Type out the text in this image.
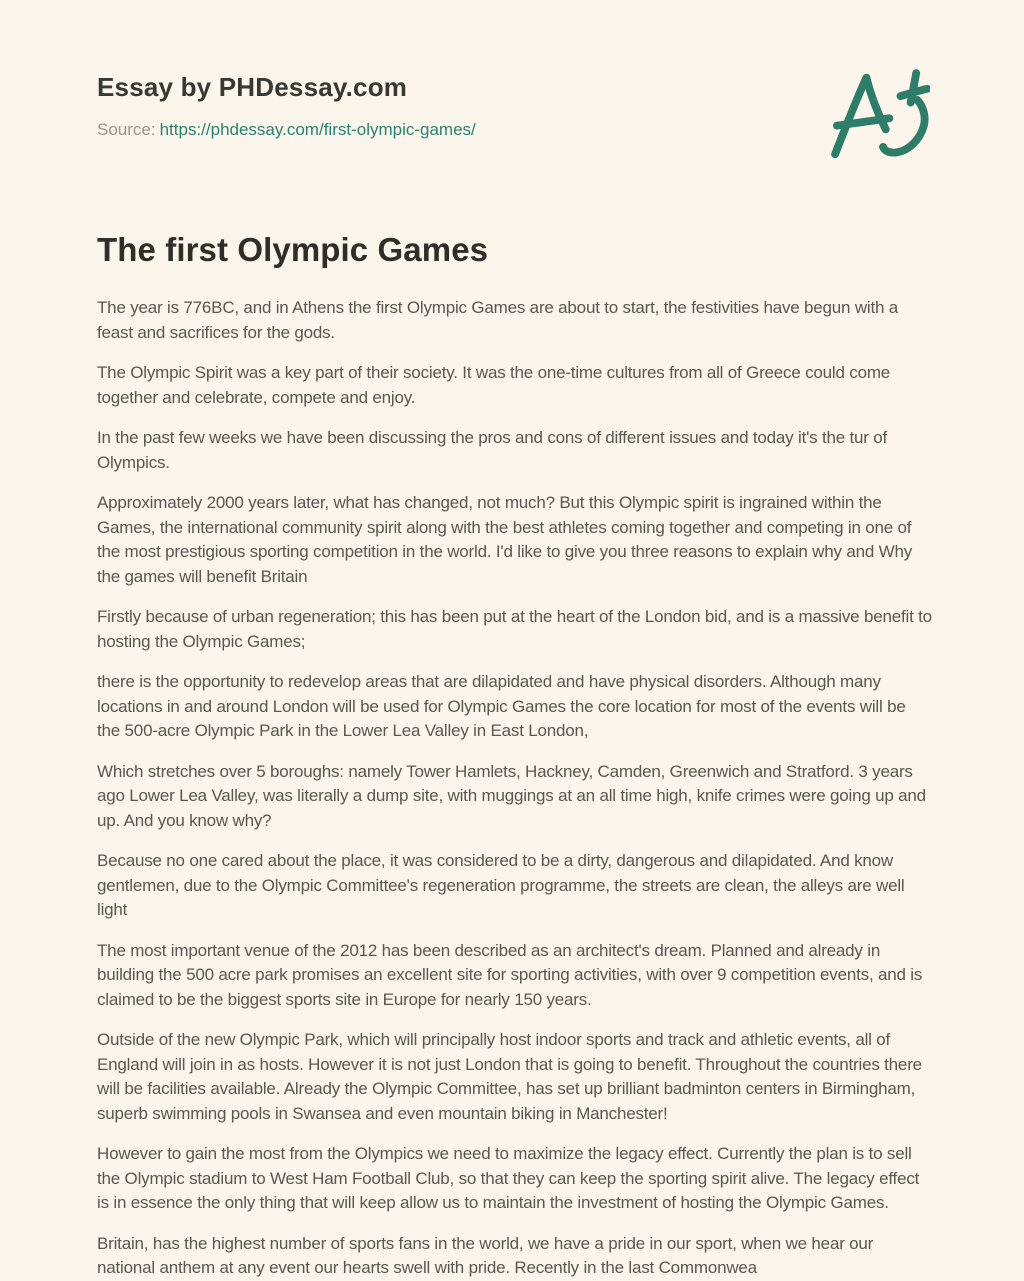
Essay by PHDessay.com
Source: https://phdessay.com/first-olympic-games/
The first Olympic Games

The year is 776BC, and in Athens the first Olympic Games are about to start, the festivities have begun with a feast and sacrifices for the gods.

The Olympic Spirit was a key part of their society. It was the one-time cultures from all of Greece could come together and celebrate, compete and enjoy.

In the past few weeks we have been discussing the pros and cons of different issues and today it's the tur of Olympics.

Approximately 2000 years later, what has changed, not much? But this Olympic spirit is ingrained within the Games, the international community spirit along with the best athletes coming together and competing in one of the most prestigious sporting competition in the world. I'd like to give you three reasons to explain why and Why the games will benefit Britain

Firstly because of urban regeneration; this has been put at the heart of the London bid, and is a massive benefit to hosting the Olympic Games;

there is the opportunity to redevelop areas that are dilapidated and have physical disorders. Although many locations in and around London will be used for Olympic Games the core location for most of the events will be the 500-acre Olympic Park in the Lower Lea Valley in East London,

Which stretches over 5 boroughs: namely Tower Hamlets, Hackney, Camden, Greenwich and Stratford. 3 years ago Lower Lea Valley, was literally a dump site, with muggings at an all time high, knife crimes were going up and up. And you know why?

Because no one cared about the place, it was considered to be a dirty, dangerous and dilapidated. And know gentlemen, due to the Olympic Committee's regeneration programme, the streets are clean, the alleys are well light

The most important venue of the 2012 has been described as an architect's dream. Planned and already in building the 500 acre park promises an excellent site for sporting activities, with over 9 competition events, and is claimed to be the biggest sports site in Europe for nearly 150 years.

Outside of the new Olympic Park, which will principally host indoor sports and track and athletic events, all of England will join in as hosts. However it is not just London that is going to benefit. Throughout the countries there will be facilities available. Already the Olympic Committee, has set up brilliant badminton centers in Birmingham, superb swimming pools in Swansea and even mountain biking in Manchester!

However to gain the most from the Olympics we need to maximize the legacy effect. Currently the plan is to sell the Olympic stadium to West Ham Football Club, so that they can keep the sporting spirit alive. The legacy effect is in essence the only thing that will keep allow us to maintain the investment of hosting the Olympic Games.

Britain, has the highest number of sports fans in the world, we have a pride in our sport, when we hear our national anthem at any event our hearts swell with pride. Recently in the last Commonwea
